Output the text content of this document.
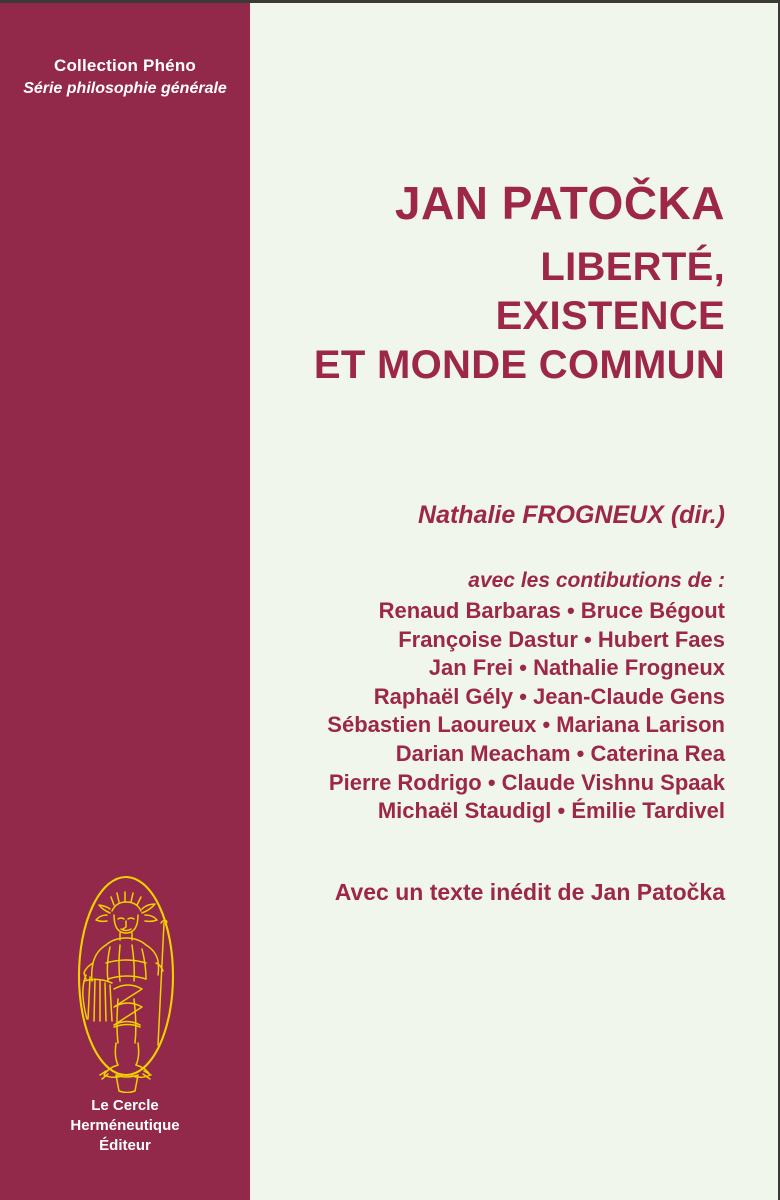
Collection Phéno
Série philosophie générale
Le Cercle
Herméneutique
Éditeur
JAN PATOČKA
LIBERTÉ,
EXISTENCE
ET MONDE COMMUN
Nathalie FROGNEUX (dir.)
avec les contibutions de :
Renaud Barbaras • Bruce Bégout
Françoise Dastur • Hubert Faes
Jan Frei • Nathalie Frogneux
Raphaël Gély • Jean-Claude Gens
Sébastien Laoureux • Mariana Larison
Darian Meacham • Caterina Rea
Pierre Rodrigo • Claude Vishnu Spaak
Michaël Staudigl • Émilie Tardivel
Avec un texte inédit de Jan Patočka
